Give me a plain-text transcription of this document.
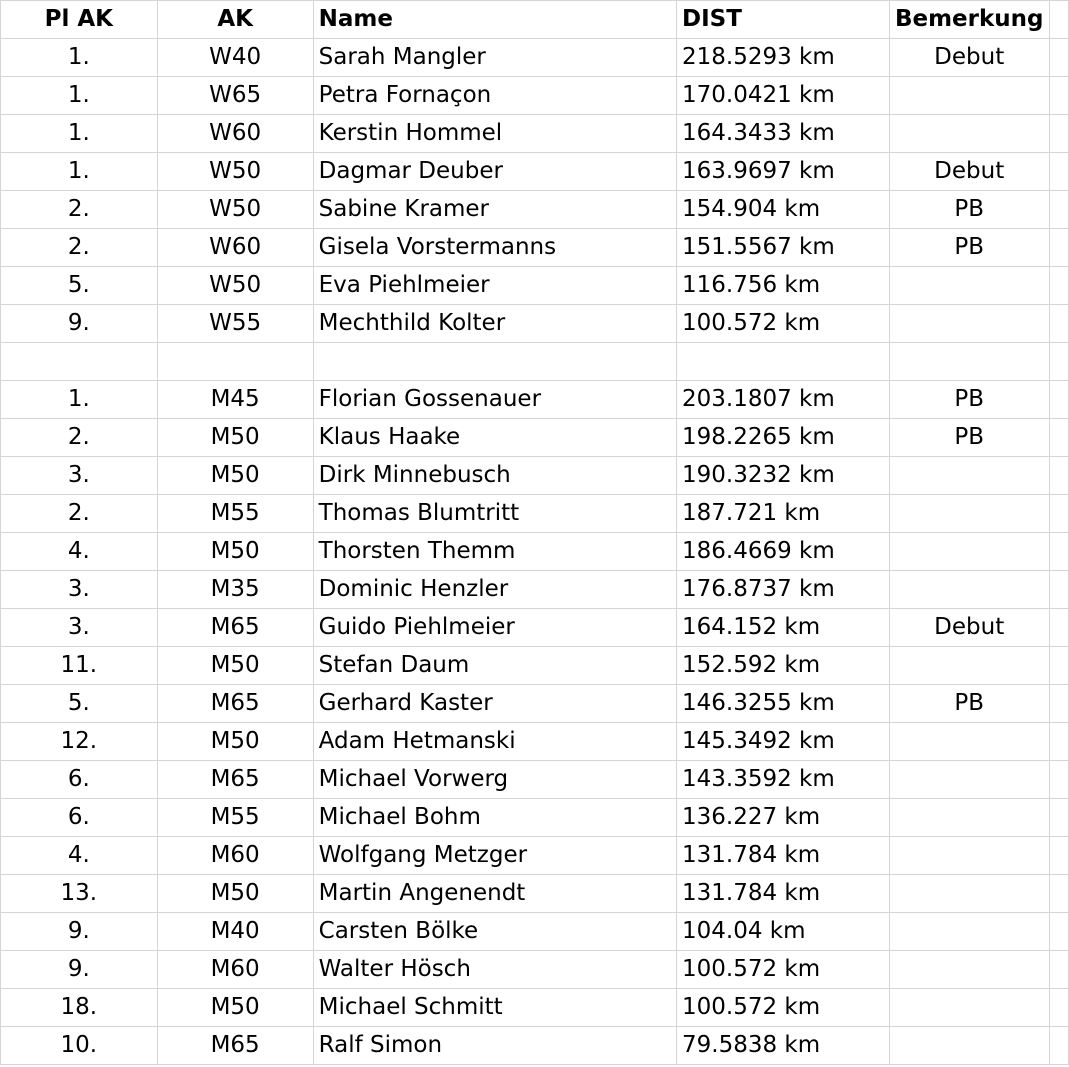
Pl AK	AK	Name	DIST	Bemerkung	
1.	W40	Sarah Mangler	218.5293 km	Debut	
1.	W65	Petra Fornaçon	170.0421 km		
1.	W60	Kerstin Hommel	164.3433 km		
1.	W50	Dagmar Deuber	163.9697 km	Debut	
2.	W50	Sabine Kramer	154.904 km	PB	
2.	W60	Gisela Vorstermanns	151.5567 km	PB	
5.	W50	Eva Piehlmeier	116.756 km		
9.	W55	Mechthild Kolter	100.572 km		

1.	M45	Florian Gossenauer	203.1807 km	PB	
2.	M50	Klaus Haake	198.2265 km	PB	
3.	M50	Dirk Minnebusch	190.3232 km		
2.	M55	Thomas Blumtritt	187.721 km		
4.	M50	Thorsten Themm	186.4669 km		
3.	M35	Dominic Henzler	176.8737 km		
3.	M65	Guido Piehlmeier	164.152 km	Debut	
11.	M50	Stefan Daum	152.592 km		
5.	M65	Gerhard Kaster	146.3255 km	PB	
12.	M50	Adam Hetmanski	145.3492 km		
6.	M65	Michael Vorwerg	143.3592 km		
6.	M55	Michael Bohm	136.227 km		
4.	M60	Wolfgang Metzger	131.784 km		
13.	M50	Martin Angenendt	131.784 km		
9.	M40	Carsten Bölke	104.04 km		
9.	M60	Walter Hösch	100.572 km		
18.	M50	Michael Schmitt	100.572 km		
10.	M65	Ralf Simon	79.5838 km		
